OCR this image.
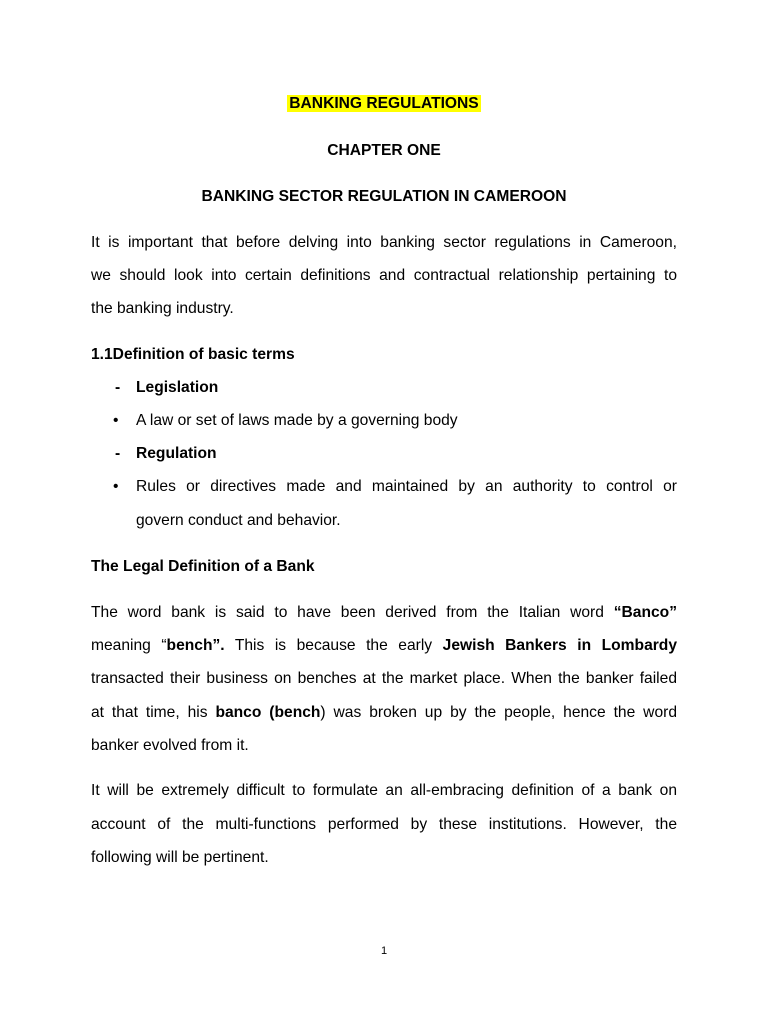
BANKING REGULATIONS
CHAPTER ONE
BANKING SECTOR REGULATION IN CAMEROON
It is important that before delving into banking sector regulations in Cameroon,
we should look into certain definitions and contractual relationship pertaining to
the banking industry.
1.1Definition of basic terms
- Legislation
• A law or set of laws made by a governing body
- Regulation
• Rules or directives made and maintained by an authority to control or
govern conduct and behavior.
The Legal Definition of a Bank
The word bank is said to have been derived from the Italian word “Banco”
meaning “bench”. This is because the early Jewish Bankers in Lombardy
transacted their business on benches at the market place. When the banker failed
at that time, his banco (bench) was broken up by the people, hence the word
banker evolved from it.
It will be extremely difficult to formulate an all-embracing definition of a bank on
account of the multi-functions performed by these institutions. However, the
following will be pertinent.
1
